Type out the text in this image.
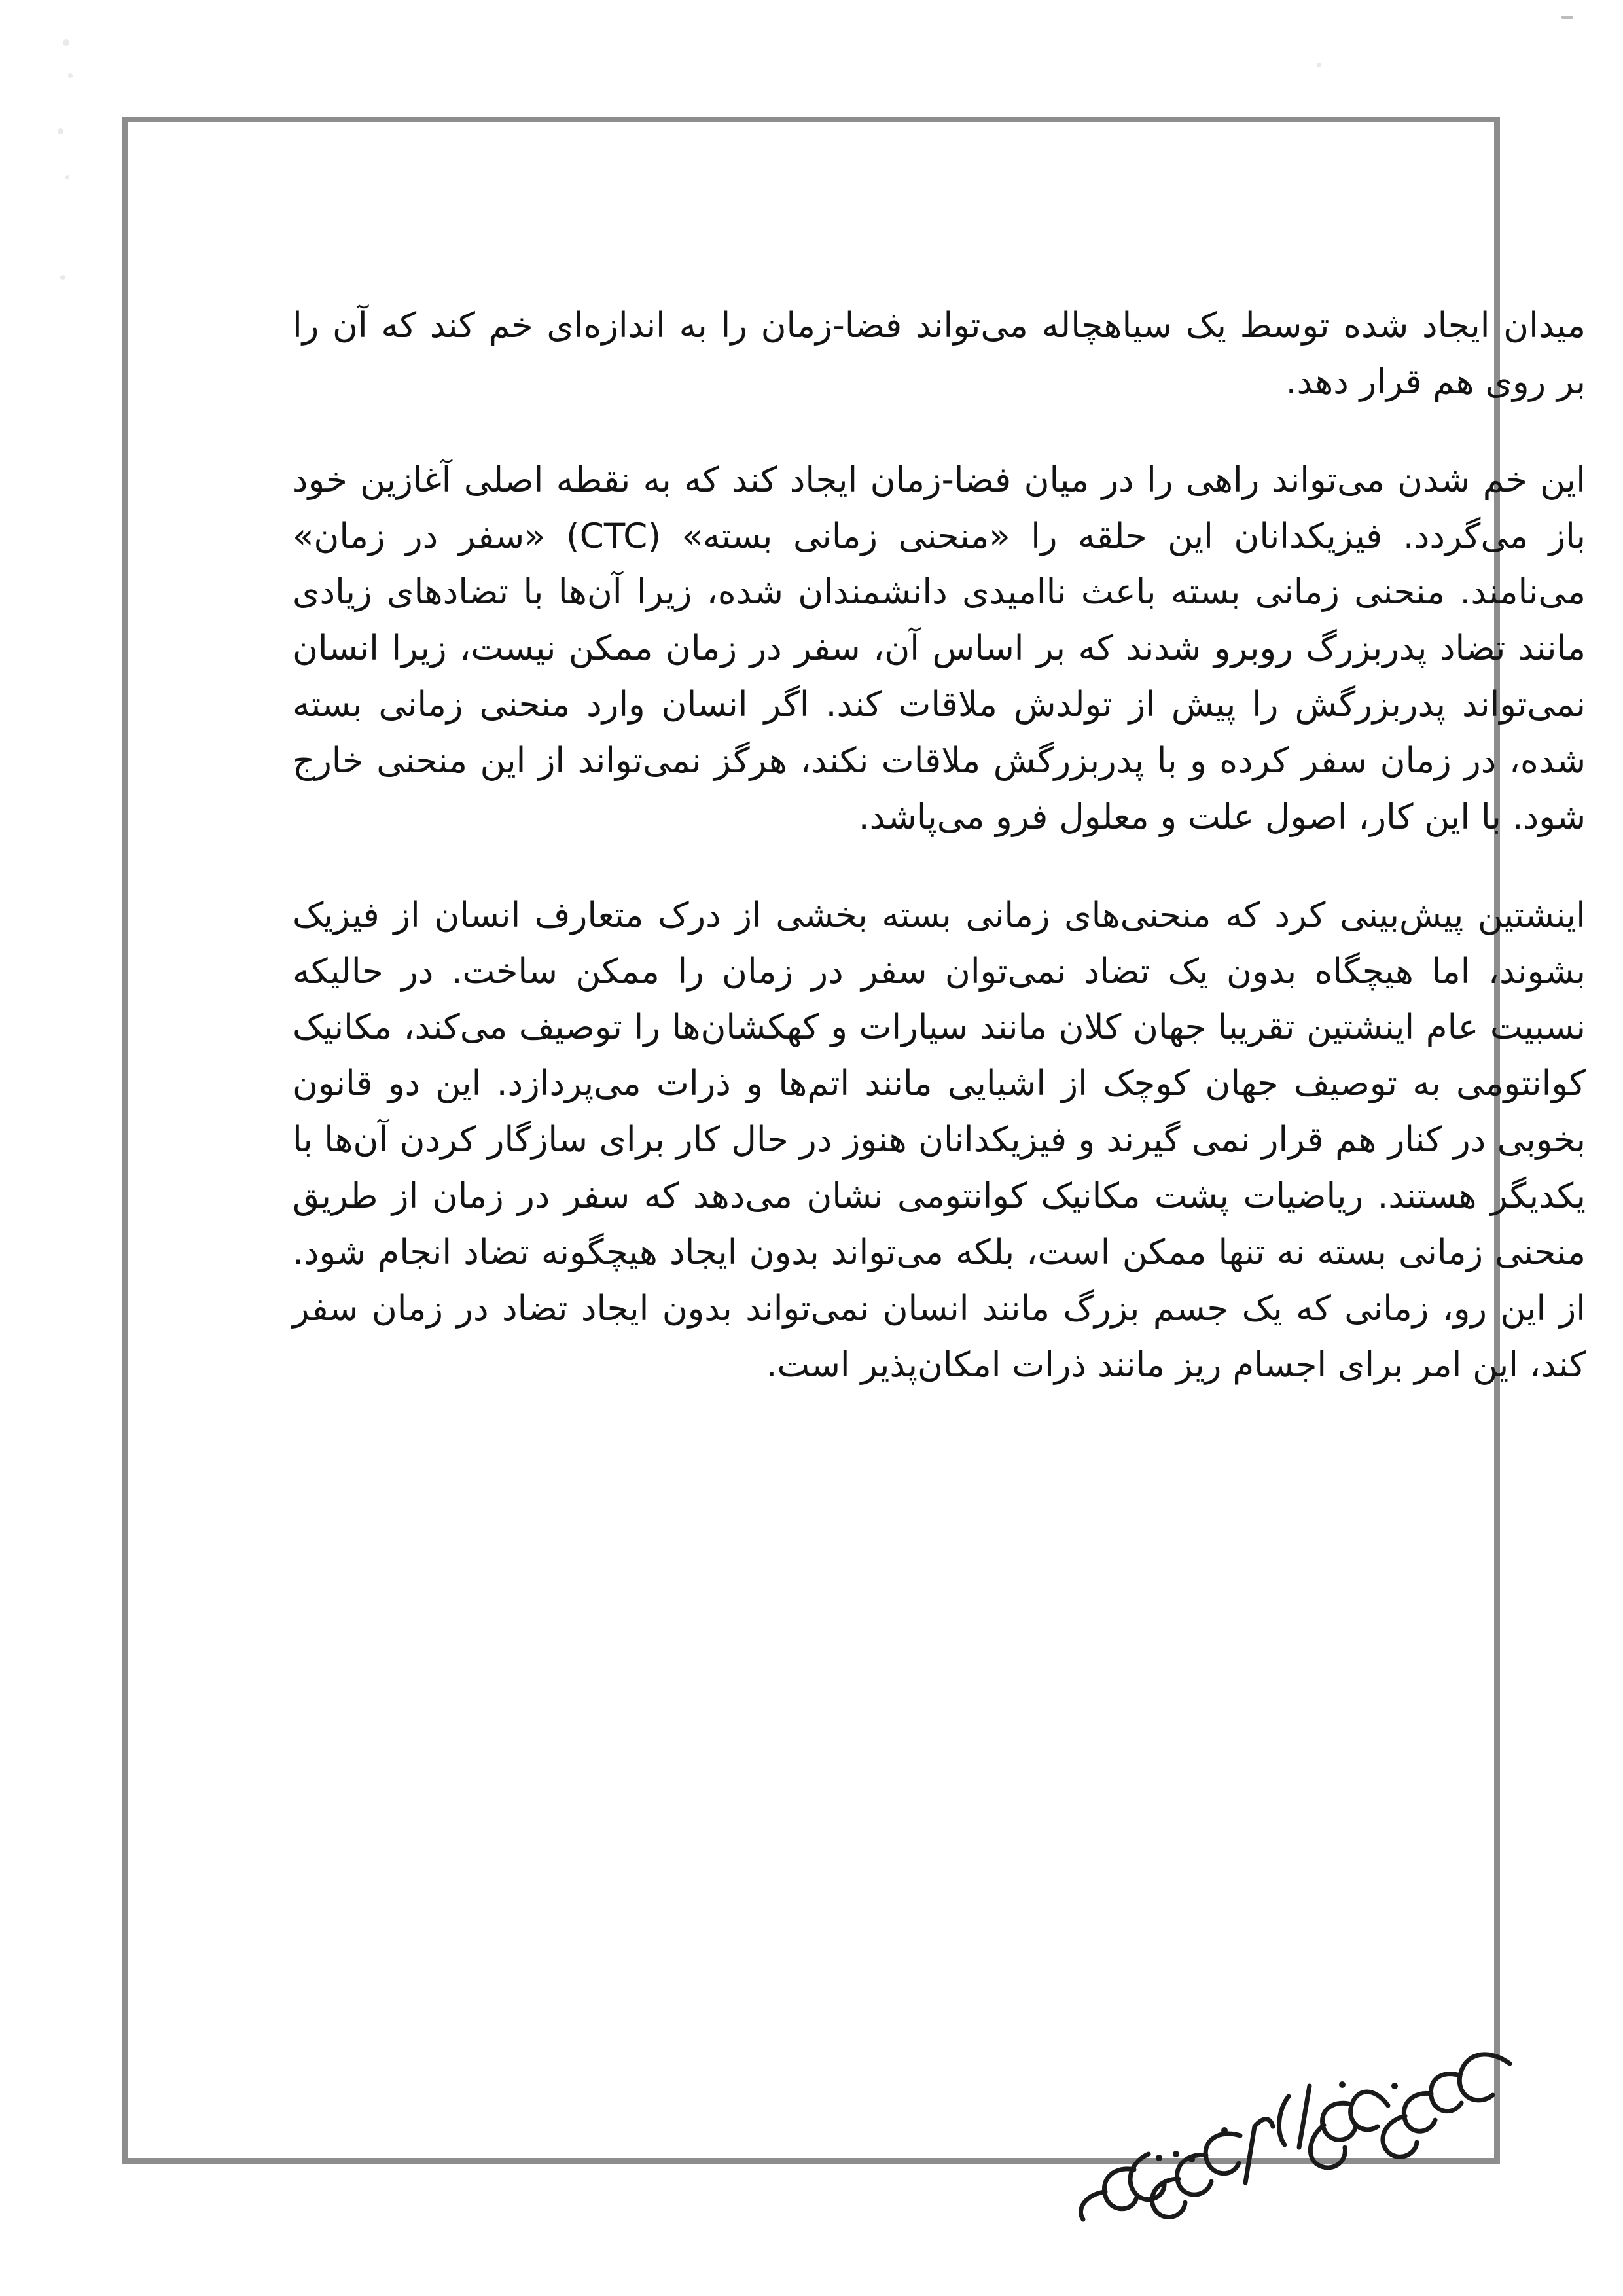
میدان ایجاد شده توسط یک سیاهچاله می‌تواند فضا‌-زمان را به اندازه‌ای خم کند که آن را بر روی هم قرار دهد.

این خم شدن می‌تواند راهی را در میان فضا‌-زمان ایجاد کند که به نقطه اصلی آغازین خود باز می‌گردد. فیزیکدانان این حلقه را «منحنی زمانی بسته» (CTC) «سفر در زمان» می‌نامند. منحنی زمانی بسته باعث ناامیدی دانشمندان شده، زیرا آن‌ها با تضاد‌های زیادی مانند تضاد پدربزرگ روبرو شدند که بر اساس آن، سفر در زمان ممکن نیست، زیرا انسان نمی‌تواند پدربزرگش را پیش از تولدش ملاقات کند. اگر انسان وارد منحنی زمانی بسته شده، در زمان سفر کرده و با پدربزرگش ملاقات نکند، هرگز نمی‌تواند از این منحنی خارج شود. با این کار، اصول علت و معلول فرو می‌پاشد.

اینشتین پیش‌بینی کرد که منحنی‌های زمانی بسته بخشی از درک متعارف انسان از فیزیک بشوند، اما هیچگاه بدون یک تضاد نمی‌توان سفر در زمان را ممکن ساخت. در حالیکه نسبیت عام اینشتین تقریبا جهان کلان مانند سیارات و کهکشان‌ها را توصیف می‌کند، مکانیک کوانتومی به توصیف جهان کوچک از اشیایی مانند اتم‌ها و ذرات می‌پردازد. این دو قانون بخوبی در کنار هم قرار نمی گیرند و فیزیکدانان هنوز در حال کار برای سازگار کردن آن‌ها با یکدیگر هستند. ریاضیات پشت مکانیک کوانتومی نشان می‌دهد که سفر در زمان از طریق منحنی زمانی بسته نه تنها ممکن است، بلکه می‌تواند بدون ایجاد هیچگونه تضاد انجام شود. از این رو، زمانی که یک جسم بزرگ مانند انسان نمی‌تواند بدون ایجاد تضاد در زمان سفر کند، این امر برای اجسام ریز مانند ذرات امکان‌پذیر است.
